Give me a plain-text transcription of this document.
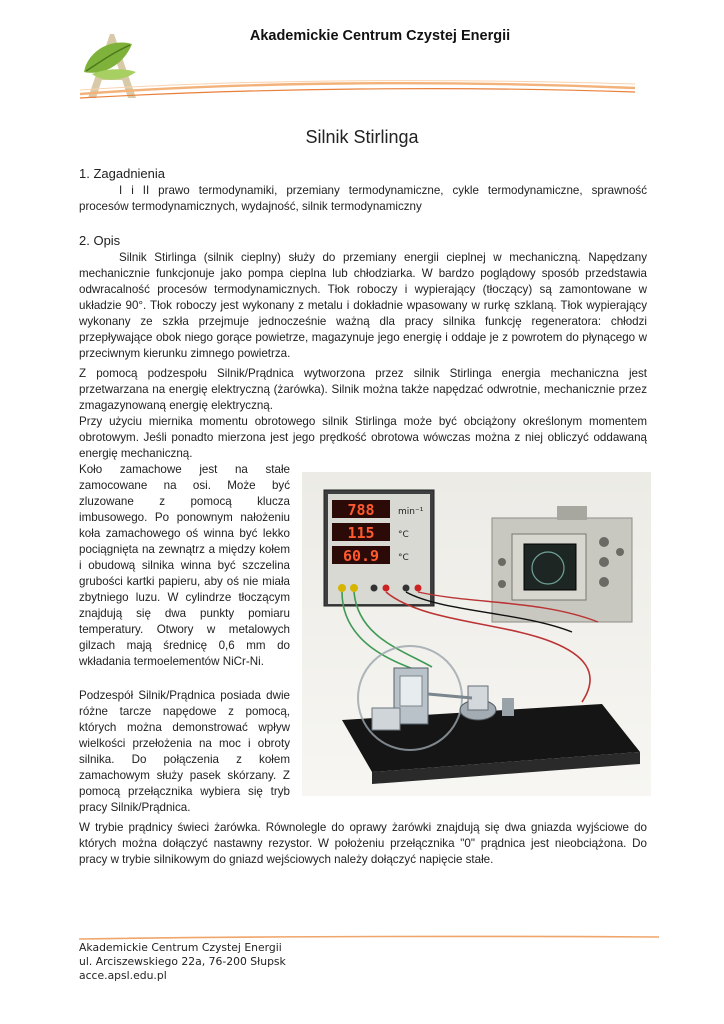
Akademickie Centrum Czystej Energii
Silnik Stirlinga
1. Zagadnienia
I i II prawo termodynamiki, przemiany termodynamiczne, cykle termodynamiczne, sprawność procesów termodynamicznych, wydajność, silnik termodynamiczny
2. Opis
Silnik Stirlinga (silnik cieplny) służy do przemiany energii cieplnej w mechaniczną. Napędzany mechanicznie funkcjonuje jako pompa cieplna lub chłodziarka. W bardzo poglądowy sposób przedstawia odwracalność procesów termodynamicznych. Tłok roboczy i wypierający (tłoczący) są zamontowane w układzie 90°. Tłok roboczy jest wykonany z metalu i dokładnie wpasowany w rurkę szklaną. Tłok wypierający wykonany ze szkła przejmuje jednocześnie ważną dla pracy silnika funkcję regeneratora: chłodzi przepływające obok niego gorące powietrze, magazynuje jego energię i oddaje je z powrotem do płynącego w przeciwnym kierunku zimnego powietrza.
Z pomocą podzespołu Silnik/Prądnica wytworzona przez silnik Stirlinga energia mechaniczna jest przetwarzana na energię elektryczną (żarówka). Silnik można także napędzać odwrotnie, mechanicznie przez zmagazynowaną energię elektryczną.
Przy użyciu miernika momentu obrotowego silnik Stirlinga może być obciążony określonym momentem obrotowym. Jeśli ponadto mierzona jest jego prędkość obrotowa wówczas można z niej obliczyć oddawaną energię mechaniczną.
Koło zamachowe jest na stałe zamocowane na osi. Może być zluzowane z pomocą klucza imbusowego. Po ponownym nałożeniu koła zamachowego oś winna być lekko pociągnięta na zewnątrz a między kołem i obudową silnika winna być szczelina grubości kartki papieru, aby oś nie miała zbytniego luzu. W cylindrze tłoczącym znajdują się dwa punkty pomiaru temperatury. Otwory w metalowych gilzach mają średnicę 0,6 mm do wkładania termoelementów NiCr-Ni.
Podzespół Silnik/Prądnica posiada dwie różne tarcze napędowe z pomocą, których można demonstrować wpływ wielkości przełożenia na moc i obroty silnika. Do połączenia z kołem zamachowym służy pasek skórzany. Z pomocą przełącznika wybiera się tryb pracy Silnik/Prądnica.
W trybie prądnicy świeci żarówka. Równolegle do oprawy żarówki znajdują się dwa gniazda wyjściowe do których można dołączyć nastawny rezystor. W położeniu przełącznika "0" prądnica jest nieobciążona. Do pracy w trybie silnikowym do gniazd wejściowych należy dołączyć napięcie stałe.
788	min⁻¹
115	°C
60.9 °C
Akademickie Centrum Czystej Energii
ul. Arciszewskiego 22a, 76-200 Słupsk
acce.apsl.edu.pl
